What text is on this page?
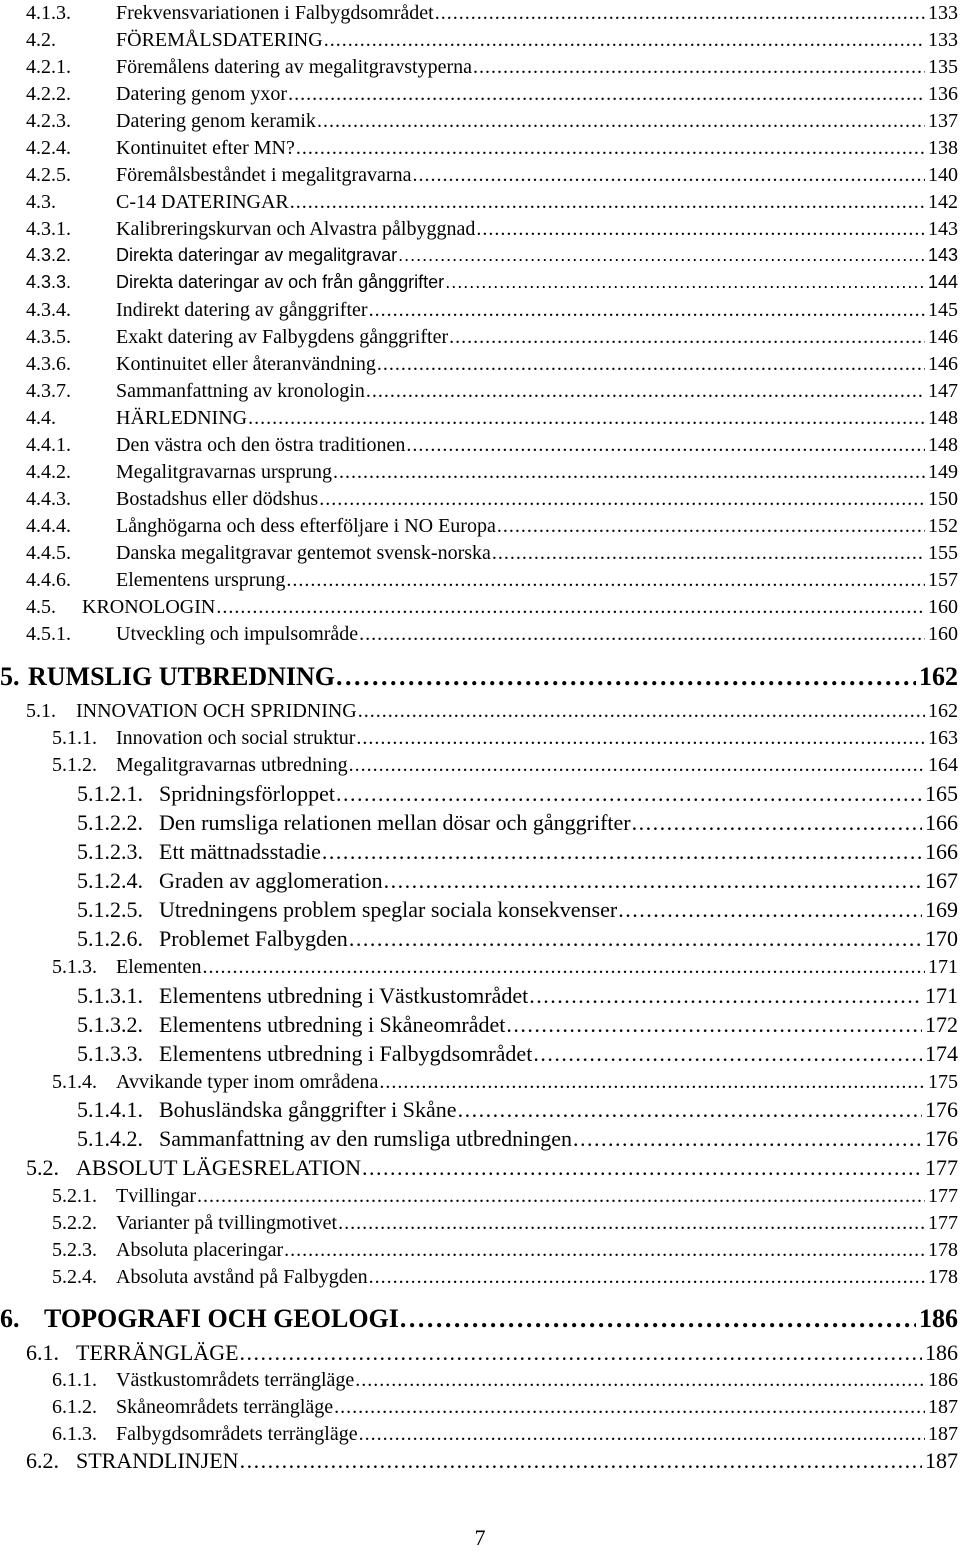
4.1.3.	Frekvensvariationen i Falbygdsområdet . . .	133
4.2.	FÖREMÅLSDATERING . . .	133
4.2.1.	Föremålens datering av megalitgravstyperna . . .	135
4.2.2.	Datering genom yxor . . .	136
4.2.3.	Datering genom keramik . . .	137
4.2.4.	Kontinuitet efter MN? . . .	138
4.2.5.	Föremålsbeståndet i megalitgravarna . . .	140
4.3.	C-14 DATERINGAR . . .	142
4.3.1.	Kalibreringskurvan och Alvastra pålbyggnad . . .	143
4.3.2.	Direkta dateringar av megalitgravar . . .	143
4.3.3.	Direkta dateringar av och från gånggrifter . . .	144
4.3.4.	Indirekt datering av gånggrifter . . .	145
4.3.5.	Exakt datering av Falbygdens gånggrifter . . .	146
4.3.6.	Kontinuitet eller återanvändning . . .	146
4.3.7.	Sammanfattning av kronologin . . .	147
4.4.	HÄRLEDNING . . .	148
4.4.1.	Den västra och den östra traditionen . . .	148
4.4.2.	Megalitgravarnas ursprung . . .	149
4.4.3.	Bostadshus eller dödshus . . .	150
4.4.4.	Långhögarna och dess efterföljare i NO Europa . . .	152
4.4.5.	Danska megalitgravar gentemot svensk-norska . . .	155
4.4.6.	Elementens ursprung . . .	157
4.5.	KRONOLOGIN . . .	160
4.5.1.	Utveckling och impulsområde . . .	160
5. RUMSLIG UTBREDNING . . .	162
5.1.	INNOVATION OCH SPRIDNING . . .	162
5.1.1. Innovation och social struktur . . .	163
5.1.2. Megalitgravarnas utbredning . . .	164
5.1.2.1. Spridningsförloppet . . .	165
5.1.2.2. Den rumsliga relationen mellan dösar och gånggrifter . . .	166
5.1.2.3. Ett mättnadsstadie . . .	166
5.1.2.4. Graden av agglomeration . . .	167
5.1.2.5. Utredningens problem speglar sociala konsekvenser . . .	169
5.1.2.6. Problemet Falbygden . . .	170
5.1.3. Elementen . . .	171
5.1.3.1. Elementens utbredning i Västkustområdet . . .	171
5.1.3.2. Elementens utbredning i Skåneområdet . . .	172
5.1.3.3. Elementens utbredning i Falbygdsområdet . . .	174
5.1.4. Avvikande typer inom områdena . . .	175
5.1.4.1. Bohusländska gånggrifter i Skåne . . .	176
5.1.4.2. Sammanfattning av den rumsliga utbredningen . . .	176
5.2. ABSOLUT LÄGESRELATION . . .	177
5.2.1. Tvillingar . . .	177
5.2.2. Varianter på tvillingmotivet . . .	177
5.2.3. Absoluta placeringar . . .	178
5.2.4. Absoluta avstånd på Falbygden . . .	178
6. TOPOGRAFI OCH GEOLOGI . . .	186
6.1. TERRÄNGLÄGE . . .	186
6.1.1. Västkustområdets terrängläge . . .	186
6.1.2. Skåneområdets terrängläge . . .	187
6.1.3. Falbygdsområdets terrängläge . . .	187
6.2. STRANDLINJEN . . .	187
7
